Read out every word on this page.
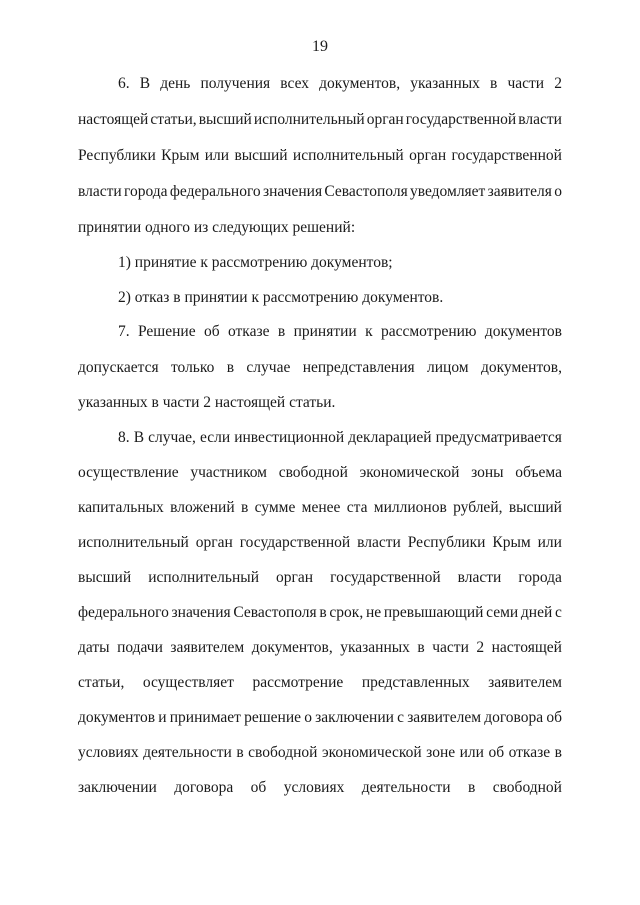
19
6. В день получения всех документов, указанных в части 2
настоящей статьи, высший исполнительный орган государственной власти
Республики Крым или высший исполнительный орган государственной
власти города федерального значения Севастополя уведомляет заявителя о
принятии одного из следующих решений:
1) принятие к рассмотрению документов;
2) отказ в принятии к рассмотрению документов.
7. Решение об отказе в принятии к рассмотрению документов
допускается только в случае непредставления лицом документов,
указанных в части 2 настоящей статьи.
8. В случае, если инвестиционной декларацией предусматривается
осуществление участником свободной экономической зоны объема
капитальных вложений в сумме менее ста миллионов рублей, высший
исполнительный орган государственной власти Республики Крым или
высший исполнительный орган государственной власти города
федерального значения Севастополя в срок, не превышающий семи дней с
даты подачи заявителем документов, указанных в части 2 настоящей
статьи, осуществляет рассмотрение представленных заявителем
документов и принимает решение о заключении с заявителем договора об
условиях деятельности в свободной экономической зоне или об отказе в
заключении договора об условиях деятельности в свободной
